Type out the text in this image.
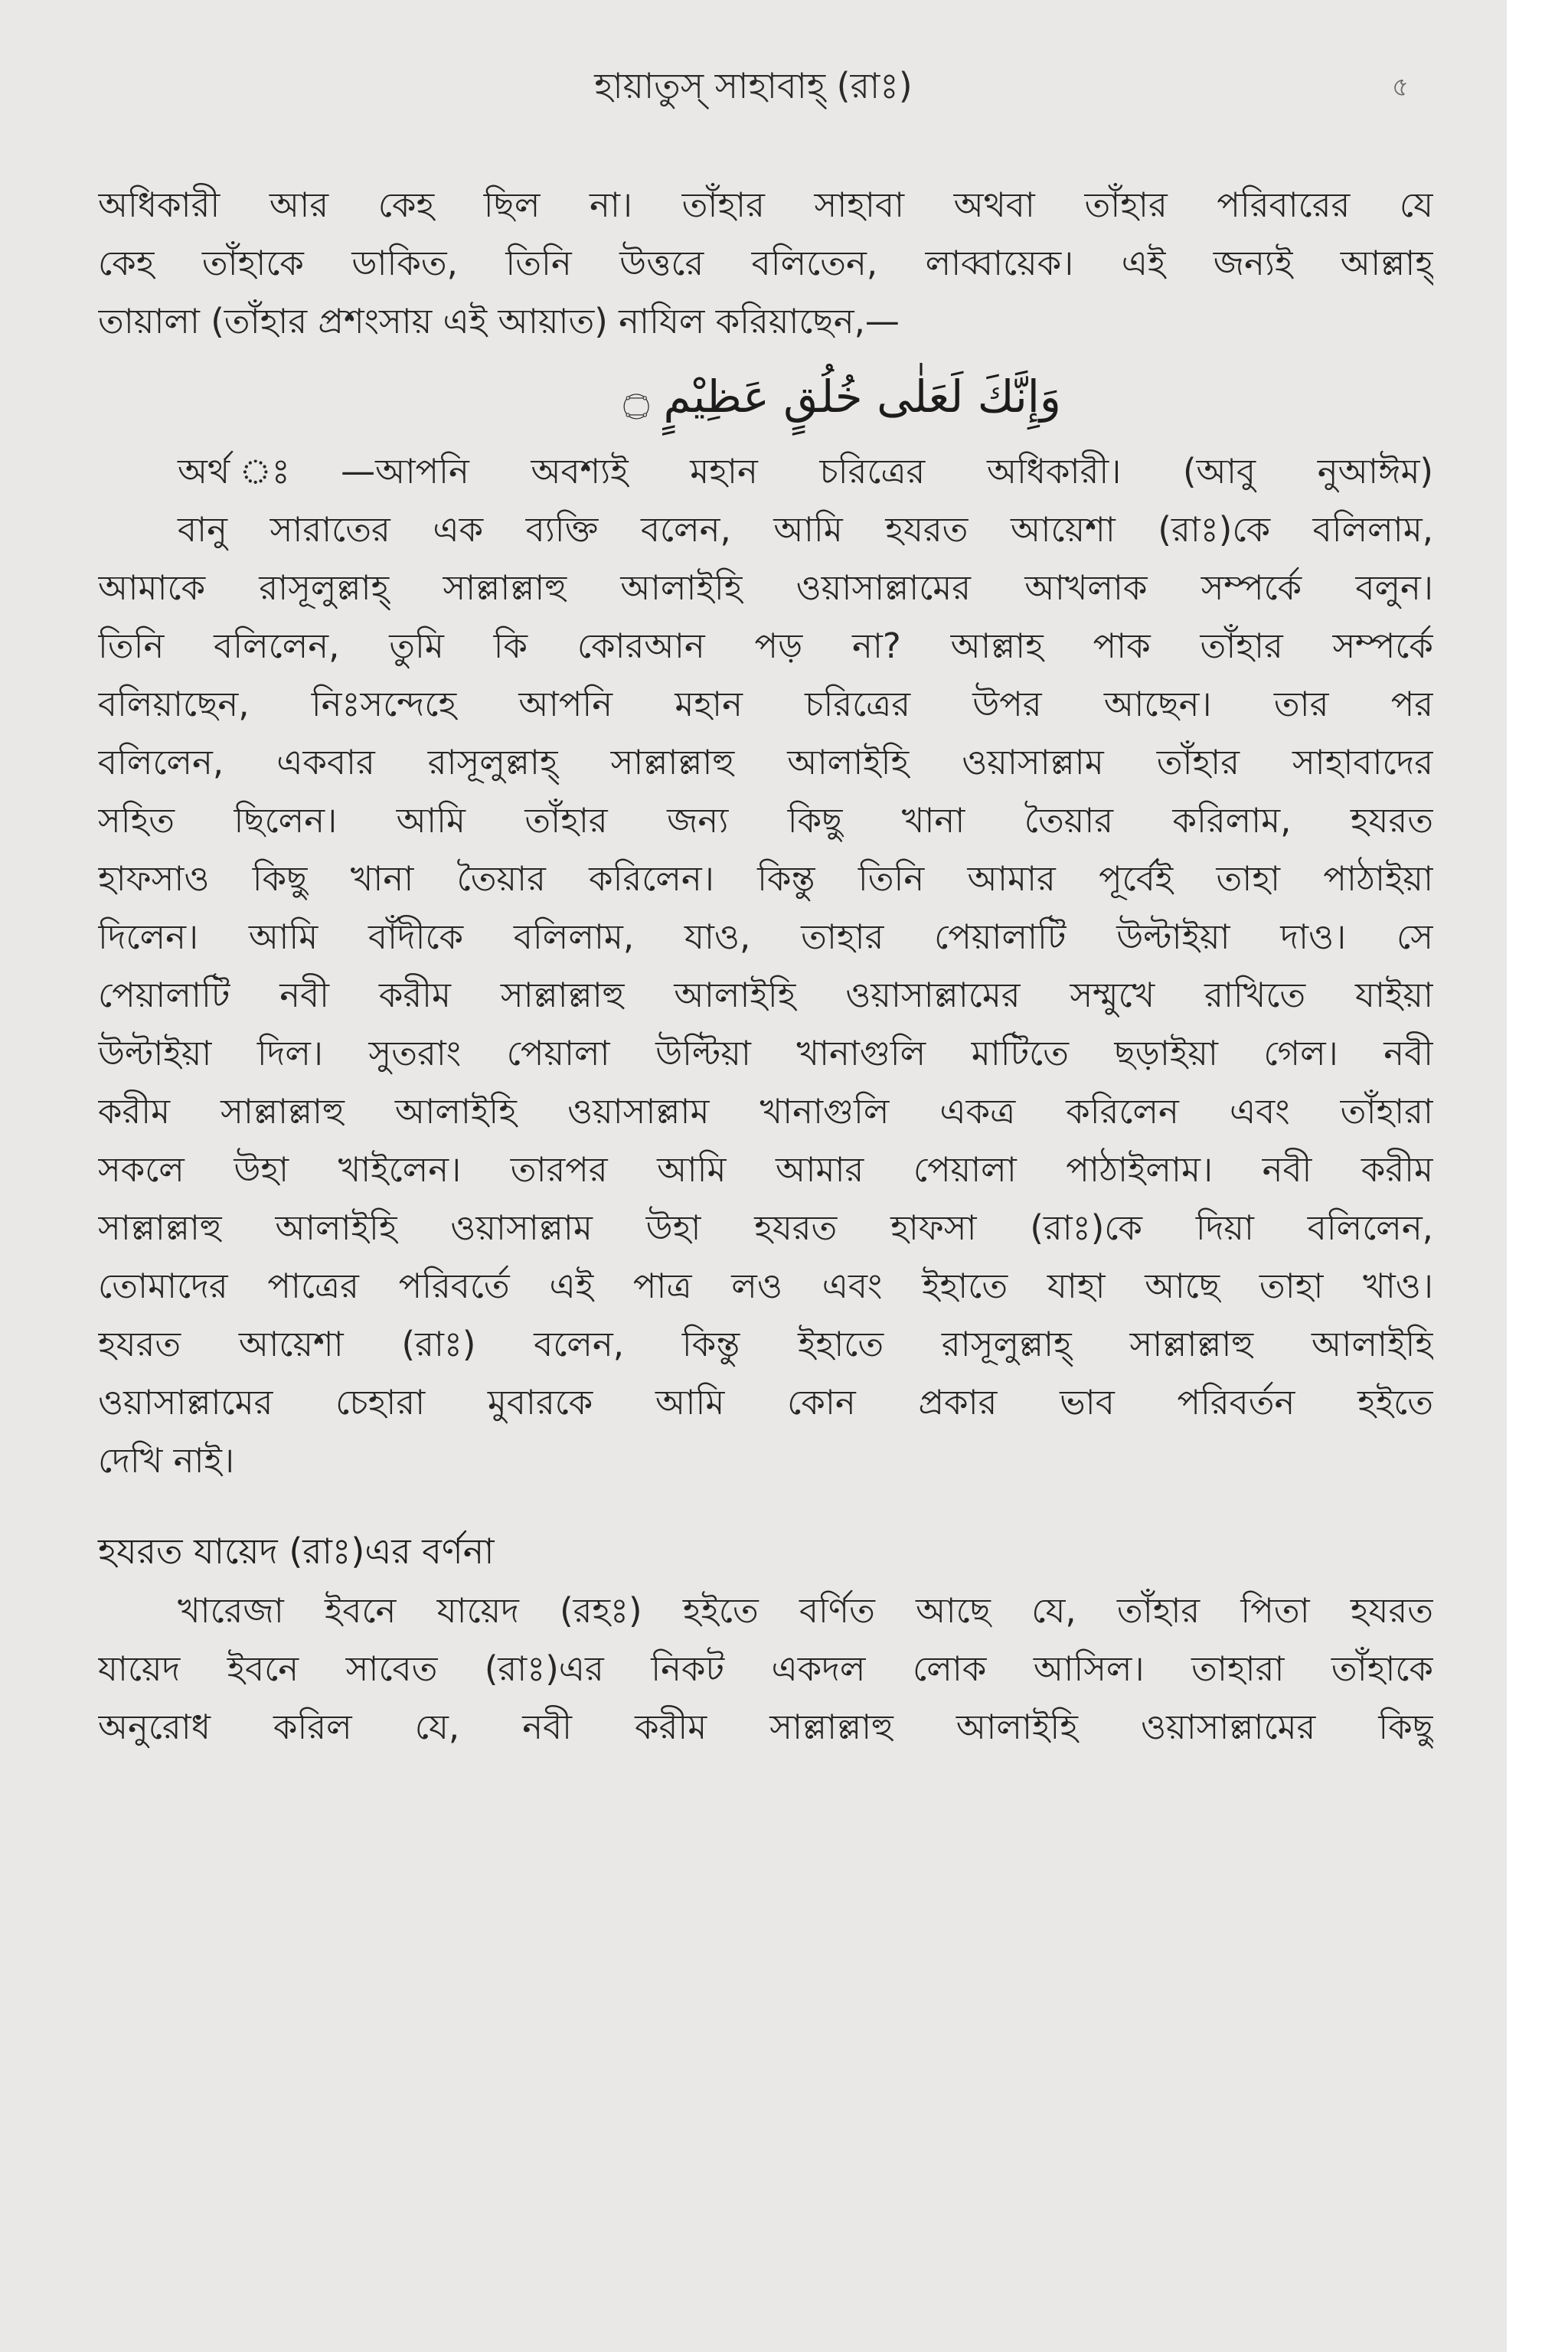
হায়াতুস্ সাহাবাহ্ (রাঃ)	৫
অধিকারী আর কেহ ছিল না। তাঁহার সাহাবা অথবা তাঁহার পরিবারের যে
কেহ তাঁহাকে ডাকিত, তিনি উত্তরে বলিতেন, লাব্বায়েক। এই জন্যই আল্লাহ্
তায়ালা (তাঁহার প্রশংসায় এই আয়াত) নাযিল করিয়াছেন,—
وَإِنَّكَ لَعَلٰى خُلُقٍ عَظِيْمٍ ۝
অর্থ ঃ—আপনি অবশ্যই মহান চরিত্রের অধিকারী। (আবু নুআঈম)
বানু সারাতের এক ব্যক্তি বলেন, আমি হযরত আয়েশা (রাঃ)কে বলিলাম,
আমাকে রাসূলুল্লাহ্ সাল্লাল্লাহু আলাইহি ওয়াসাল্লামের আখলাক সম্পর্কে বলুন।
তিনি বলিলেন, তুমি কি কোরআন পড় না? আল্লাহ পাক তাঁহার সম্পর্কে
বলিয়াছেন, নিঃসন্দেহে আপনি মহান চরিত্রের উপর আছেন। তার পর
বলিলেন, একবার রাসূলুল্লাহ্ সাল্লাল্লাহু আলাইহি ওয়াসাল্লাম তাঁহার সাহাবাদের
সহিত ছিলেন। আমি তাঁহার জন্য কিছু খানা তৈয়ার করিলাম, হযরত
হাফসাও কিছু খানা তৈয়ার করিলেন। কিন্তু তিনি আমার পূর্বেই তাহা পাঠাইয়া
দিলেন। আমি বাঁদীকে বলিলাম, যাও, তাহার পেয়ালাটি উল্টাইয়া দাও। সে
পেয়ালাটি নবী করীম সাল্লাল্লাহু আলাইহি ওয়াসাল্লামের সম্মুখে রাখিতে যাইয়া
উল্টাইয়া দিল। সুতরাং পেয়ালা উল্টিয়া খানাগুলি মাটিতে ছড়াইয়া গেল। নবী
করীম সাল্লাল্লাহু আলাইহি ওয়াসাল্লাম খানাগুলি একত্র করিলেন এবং তাঁহারা
সকলে উহা খাইলেন। তারপর আমি আমার পেয়ালা পাঠাইলাম। নবী করীম
সাল্লাল্লাহু আলাইহি ওয়াসাল্লাম উহা হযরত হাফসা (রাঃ)কে দিয়া বলিলেন,
তোমাদের পাত্রের পরিবর্তে এই পাত্র লও এবং ইহাতে যাহা আছে তাহা খাও।
হযরত আয়েশা (রাঃ) বলেন, কিন্তু ইহাতে রাসূলুল্লাহ্ সাল্লাল্লাহু আলাইহি
ওয়াসাল্লামের চেহারা মুবারকে আমি কোন প্রকার ভাব পরিবর্তন হইতে
দেখি নাই।
হযরত যায়েদ (রাঃ)এর বর্ণনা
খারেজা ইবনে যায়েদ (রহঃ) হইতে বর্ণিত আছে যে, তাঁহার পিতা হযরত
যায়েদ ইবনে সাবেত (রাঃ)এর নিকট একদল লোক আসিল। তাহারা তাঁহাকে
অনুরোধ করিল যে, নবী করীম সাল্লাল্লাহু আলাইহি ওয়াসাল্লামের কিছু
